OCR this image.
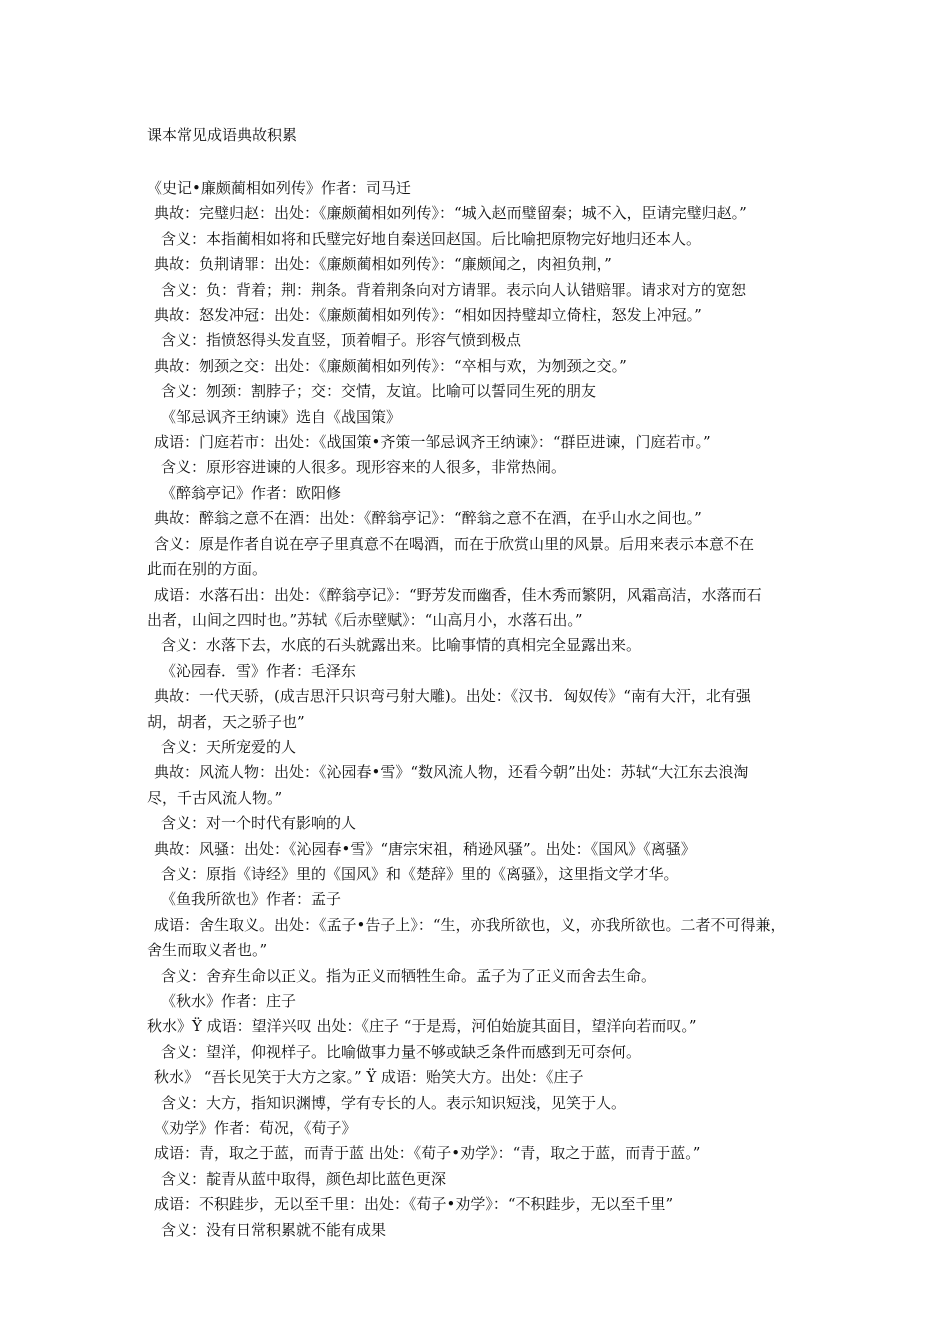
课本常见成语典故积累
《史记•廉颇蔺相如列传》作者：司马迁
典故：完璧归赵：出处：《廉颇蔺相如列传》：“城入赵而璧留秦；城不入，臣请完璧归赵。”
含义：本指蔺相如将和氏璧完好地自秦送回赵国。后比喻把原物完好地归还本人。
典故：负荆请罪：出处：《廉颇蔺相如列传》：“廉颇闻之，肉袒负荆，”
含义：负：背着；荆：荆条。背着荆条向对方请罪。表示向人认错赔罪。请求对方的宽恕
典故：怒发冲冠：出处：《廉颇蔺相如列传》：“相如因持璧却立倚柱，怒发上冲冠。”
含义：指愤怒得头发直竖，顶着帽子。形容气愤到极点
典故：刎颈之交：出处：《廉颇蔺相如列传》：“卒相与欢，为刎颈之交。”
含义：刎颈：割脖子；交：交情，友谊。比喻可以誓同生死的朋友
《邹忌讽齐王纳谏》选自《战国策》
成语：门庭若市：出处：《战国策•齐策一邹忌讽齐王纳谏》：“群臣进谏，门庭若市。”
含义：原形容进谏的人很多。现形容来的人很多，非常热闹。
《醉翁亭记》作者：欧阳修
典故：醉翁之意不在酒：出处：《醉翁亭记》：“醉翁之意不在酒，在乎山水之间也。”
含义：原是作者自说在亭子里真意不在喝酒，而在于欣赏山里的风景。后用来表示本意不在
此而在别的方面。
成语：水落石出：出处：《醉翁亭记》：“野芳发而幽香，佳木秀而繁阴，风霜高洁，水落而石
出者，山间之四时也。”苏轼《后赤壁赋》：“山高月小，水落石出。”
含义：水落下去，水底的石头就露出来。比喻事情的真相完全显露出来。
《沁园春．雪》作者：毛泽东
典故：一代天骄，(成吉思汗只识弯弓射大雕)。出处：《汉书．匈奴传》“南有大汗，北有强
胡，胡者，天之骄子也”
含义：天所宠爱的人
典故：风流人物：出处：《沁园春•雪》“数风流人物，还看今朝”出处：苏轼“大江东去浪淘
尽，千古风流人物。”
含义：对一个时代有影响的人
典故：风骚：出处：《沁园春•雪》“唐宗宋祖，稍逊风骚”。出处：《国风》《离骚》
含义：原指《诗经》里的《国风》和《楚辞》里的《离骚》，这里指文学才华。
《鱼我所欲也》作者：孟子
成语：舍生取义。出处：《孟子•告子上》：“生，亦我所欲也，义，亦我所欲也。二者不可得兼，
舍生而取义者也。”
含义：舍弃生命以正义。指为正义而牺牲生命。孟子为了正义而舍去生命。
《秋水》作者：庄子
秋水》Ÿ 成语：望洋兴叹 出处：《庄子 “于是焉，河伯始旋其面目，望洋向若而叹。”
含义：望洋，仰视样子。比喻做事力量不够或缺乏条件而感到无可奈何。
秋水》 “吾长见笑于大方之家。” Ÿ 成语：贻笑大方。出处：《庄子
含义：大方，指知识渊博，学有专长的人。表示知识短浅，见笑于人。
《劝学》作者：荀况，《荀子》
成语：青，取之于蓝，而青于蓝 出处：《荀子•劝学》：“青，取之于蓝，而青于蓝。”
含义：靛青从蓝中取得，颜色却比蓝色更深
成语：不积跬步，无以至千里：出处：《荀子•劝学》：“不积跬步，无以至千里”
含义：没有日常积累就不能有成果
